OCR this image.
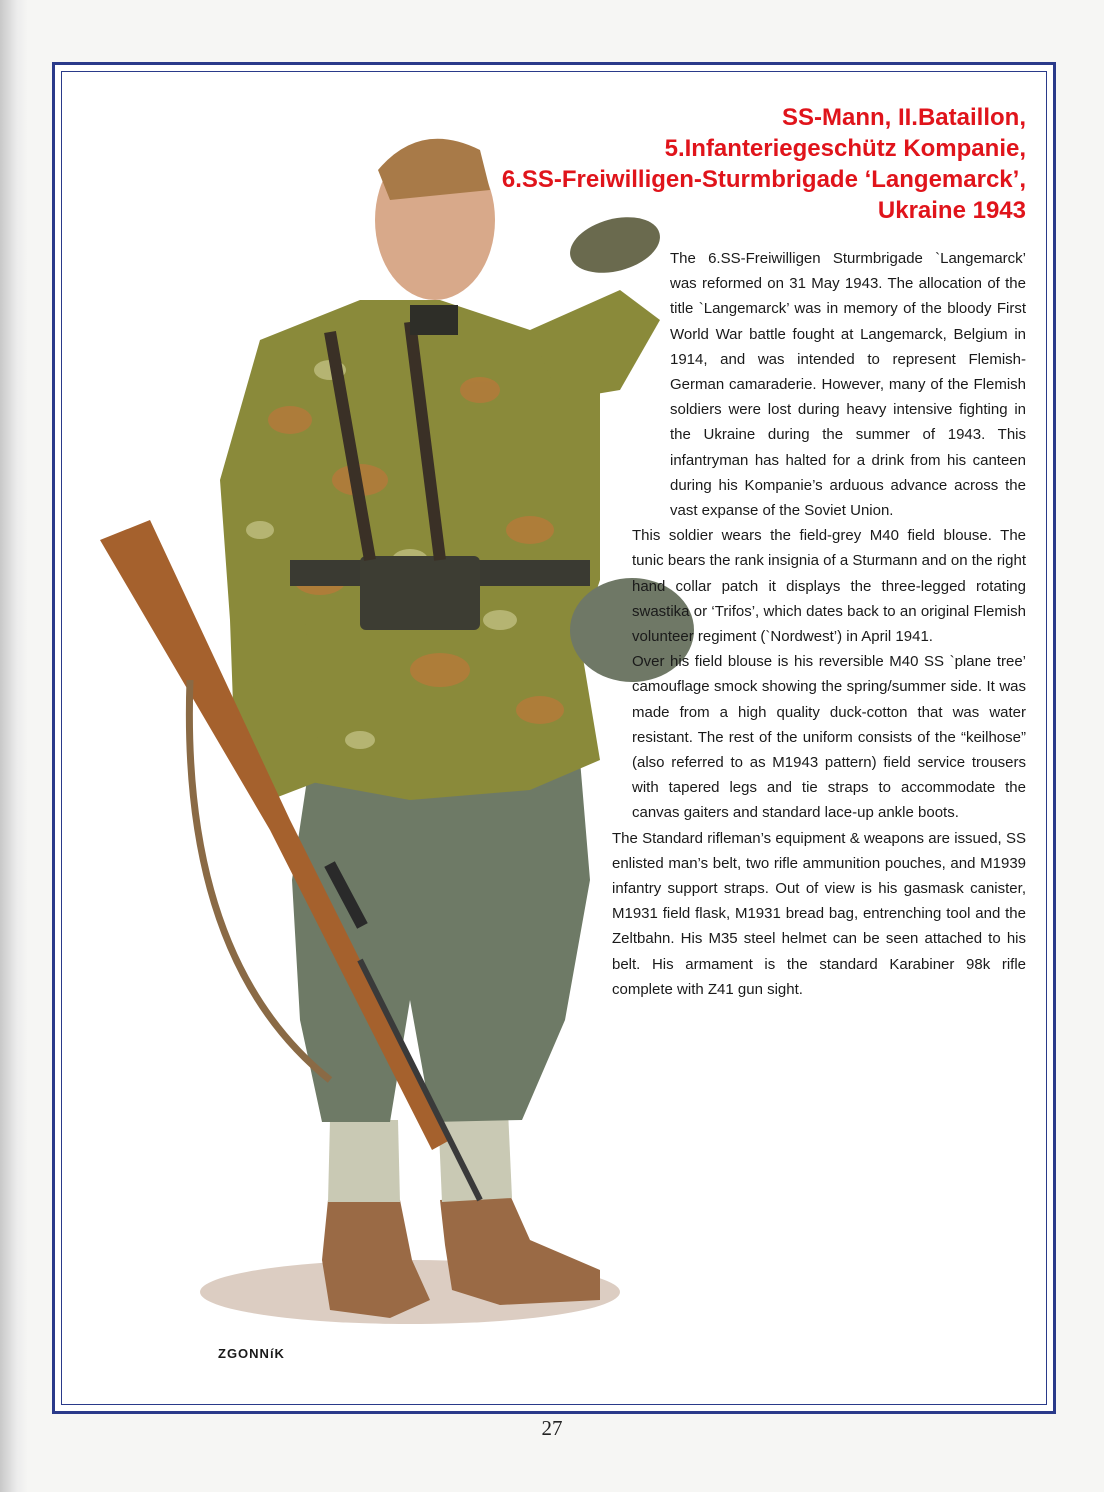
SS-Mann, II.Bataillon,
5.Infanteriegeschütz Kompanie,
6.SS-Freiwilligen-Sturmbrigade ‘Langemarck’,
Ukraine 1943

The 6.SS-Freiwilligen Sturmbrigade `Langemarck’ was reformed on 31 May 1943. The allocation of the title `Langemarck’ was in memory of the bloody First World War battle fought at Langemarck, Belgium in 1914, and was intended to represent Flemish-German camaraderie. However, many of the Flemish soldiers were lost during heavy intensive fighting in the Ukraine during the summer of 1943. This infantryman has halted for a drink from his canteen during his Kompanie’s arduous advance across the vast expanse of the Soviet Union.

This soldier wears the field-grey M40 field blouse. The tunic bears the rank insignia of a Sturmann and on the right hand collar patch it displays the three-legged rotating swastika or ‘Trifos’, which dates back to an original Flemish volunteer regiment (`Nordwest’) in April 1941.

Over his field blouse is his reversible M40 SS `plane tree’ camouflage smock showing the spring/summer side. It was made from a high quality duck-cotton that was water resistant. The rest of the uniform consists of the “keilhose” (also referred to as M1943 pattern) field service trousers with tapered legs and tie straps to accommodate the canvas gaiters and standard lace-up ankle boots.

The Standard rifleman’s equipment & weapons are issued, SS enlisted man’s belt, two rifle ammunition pouches, and M1939 infantry support straps. Out of view is his gasmask canister, M1931 field flask, M1931 bread bag, entrenching tool and the Zeltbahn. His M35 steel helmet can be seen attached to his belt. His armament is the standard Karabiner 98k rifle complete with Z41 gun sight.

ZGONNíK
27
